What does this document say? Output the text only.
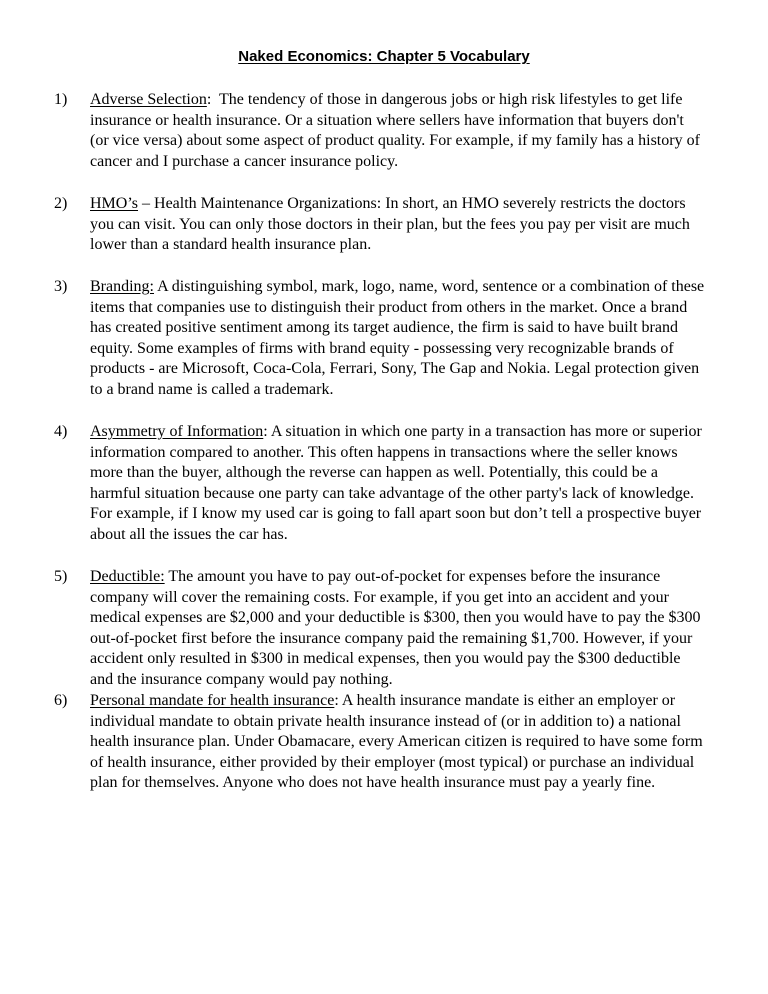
Naked Economics: Chapter 5 Vocabulary
1)	Adverse Selection:  The tendency of those in dangerous jobs or high risk lifestyles to get life insurance or health insurance. Or a situation where sellers have information that buyers don't (or vice versa) about some aspect of product quality. For example, if my family has a history of cancer and I purchase a cancer insurance policy.
2)	HMO’s – Health Maintenance Organizations: In short, an HMO severely restricts the doctors you can visit. You can only those doctors in their plan, but the fees you pay per visit are much lower than a standard health insurance plan.
3)	Branding: A distinguishing symbol, mark, logo, name, word, sentence or a combination of these items that companies use to distinguish their product from others in the market. Once a brand has created positive sentiment among its target audience, the firm is said to have built brand equity. Some examples of firms with brand equity - possessing very recognizable brands of products - are Microsoft, Coca-Cola, Ferrari, Sony, The Gap and Nokia. Legal protection given to a brand name is called a trademark.
4)	Asymmetry of Information: A situation in which one party in a transaction has more or superior information compared to another. This often happens in transactions where the seller knows more than the buyer, although the reverse can happen as well. Potentially, this could be a harmful situation because one party can take advantage of the other party's lack of knowledge. For example, if I know my used car is going to fall apart soon but don’t tell a prospective buyer about all the issues the car has.
5)	Deductible: The amount you have to pay out-of-pocket for expenses before the insurance company will cover the remaining costs. For example, if you get into an accident and your medical expenses are $2,000 and your deductible is $300, then you would have to pay the $300 out-of-pocket first before the insurance company paid the remaining $1,700. However, if your accident only resulted in $300 in medical expenses, then you would pay the $300 deductible and the insurance company would pay nothing.
6)	Personal mandate for health insurance: A health insurance mandate is either an employer or individual mandate to obtain private health insurance instead of (or in addition to) a national health insurance plan. Under Obamacare, every American citizen is required to have some form of health insurance, either provided by their employer (most typical) or purchase an individual plan for themselves. Anyone who does not have health insurance must pay a yearly fine.
